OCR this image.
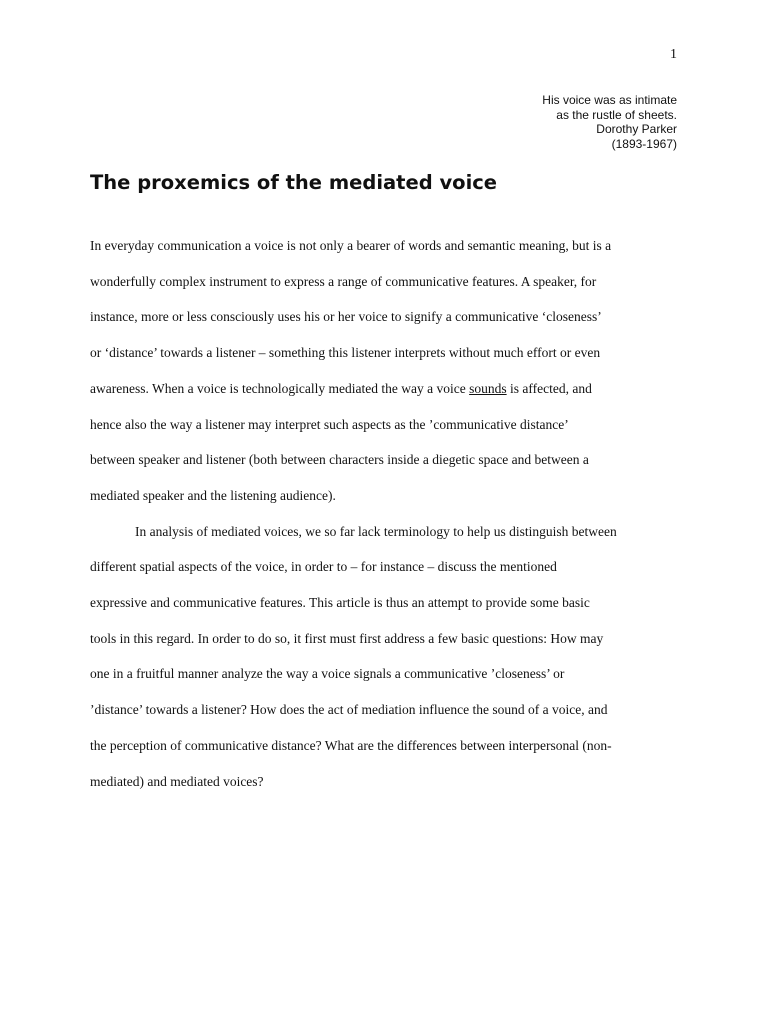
1
His voice was as intimate
as the rustle of sheets.
Dorothy Parker
(1893-1967)
The proxemics of the mediated voice
In everyday communication a voice is not only a bearer of words and semantic meaning, but is a
wonderfully complex instrument to express a range of communicative features. A speaker, for
instance, more or less consciously uses his or her voice to signify a communicative ‘closeness’
or ‘distance’ towards a listener – something this listener interprets without much effort or even
awareness. When a voice is technologically mediated the way a voice sounds is affected, and
hence also the way a listener may interpret such aspects as the ’communicative distance’
between speaker and listener (both between characters inside a diegetic space and between a
mediated speaker and the listening audience).
In analysis of mediated voices, we so far lack terminology to help us distinguish between
different spatial aspects of the voice, in order to – for instance – discuss the mentioned
expressive and communicative features. This article is thus an attempt to provide some basic
tools in this regard. In order to do so, it first must first address a few basic questions: How may
one in a fruitful manner analyze the way a voice signals a communicative ’closeness’ or
’distance’ towards a listener? How does the act of mediation influence the sound of a voice, and
the perception of communicative distance? What are the differences between interpersonal (non-
mediated) and mediated voices?
